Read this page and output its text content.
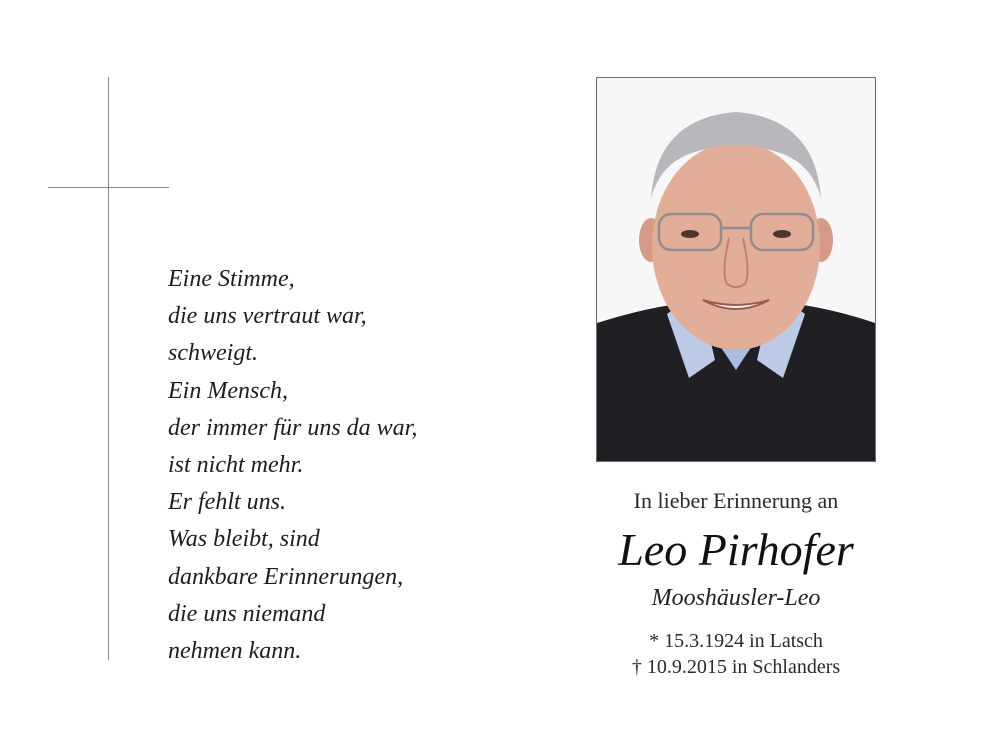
Eine Stimme,
die uns vertraut war,
schweigt.
Ein Mensch,
der immer für uns da war,
ist nicht mehr.
Er fehlt uns.
Was bleibt, sind
dankbare Erinnerungen,
die uns niemand
nehmen kann.
In lieber Erinnerung an
Leo Pirhofer
Mooshäusler-Leo
* 15.3.1924 in Latsch
† 10.9.2015 in Schlanders
